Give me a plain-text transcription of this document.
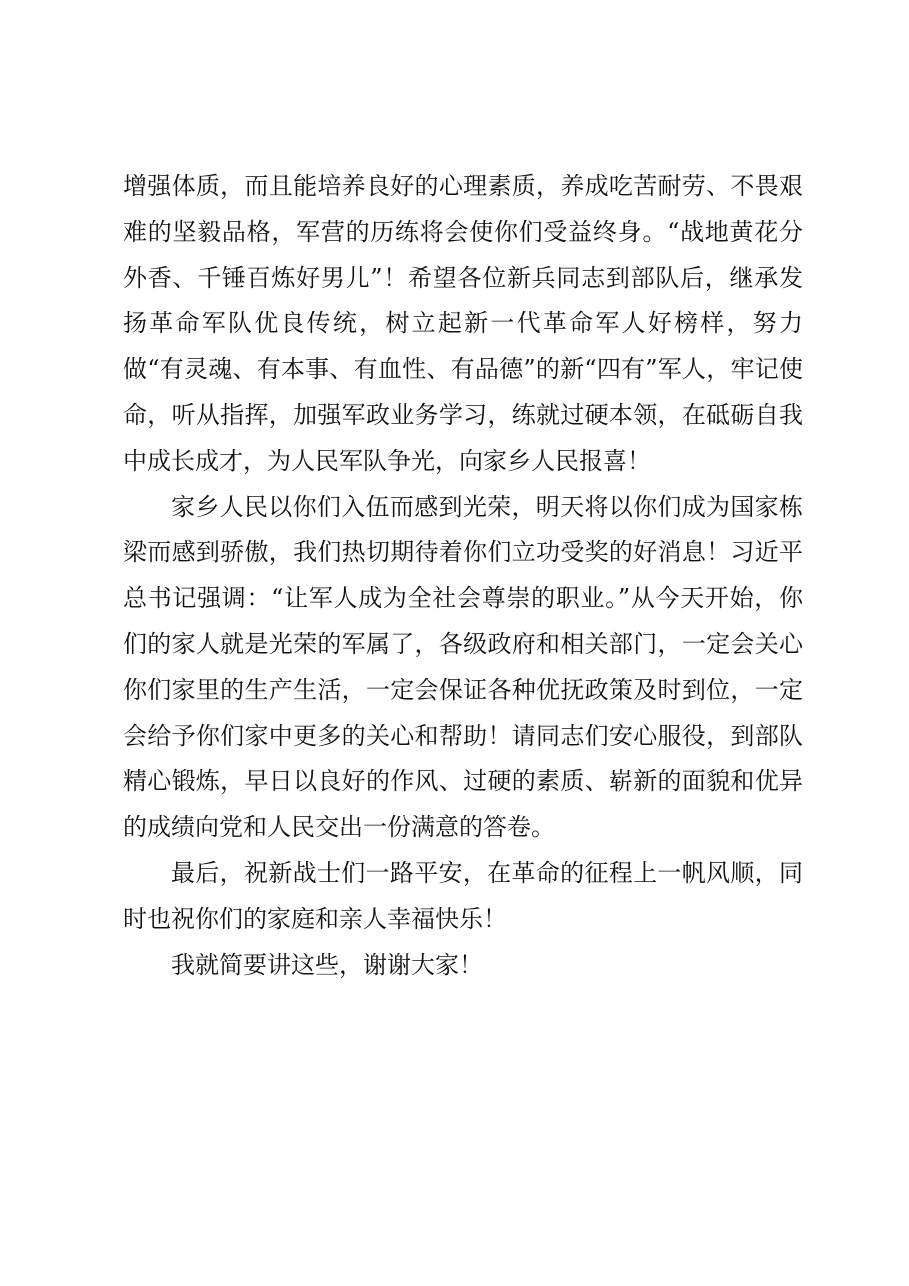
增强体质，而且能培养良好的心理素质，养成吃苦耐劳、不畏艰难的坚毅品格，军营的历练将会使你们受益终身。“战地黄花分外香、千锤百炼好男儿”！希望各位新兵同志到部队后，继承发扬革命军队优良传统，树立起新一代革命军人好榜样，努力做“有灵魂、有本事、有血性、有品德”的新“四有”军人，牢记使命，听从指挥，加强军政业务学习，练就过硬本领，在砥砺自我中成长成才，为人民军队争光，向家乡人民报喜！

家乡人民以你们入伍而感到光荣，明天将以你们成为国家栋梁而感到骄傲，我们热切期待着你们立功受奖的好消息！习近平总书记强调：“让军人成为全社会尊崇的职业。”从今天开始，你们的家人就是光荣的军属了，各级政府和相关部门，一定会关心你们家里的生产生活，一定会保证各种优抚政策及时到位，一定会给予你们家中更多的关心和帮助！请同志们安心服役，到部队精心锻炼，早日以良好的作风、过硬的素质、崭新的面貌和优异的成绩向党和人民交出一份满意的答卷。

最后，祝新战士们一路平安，在革命的征程上一帆风顺，同时也祝你们的家庭和亲人幸福快乐！

我就简要讲这些，谢谢大家！
